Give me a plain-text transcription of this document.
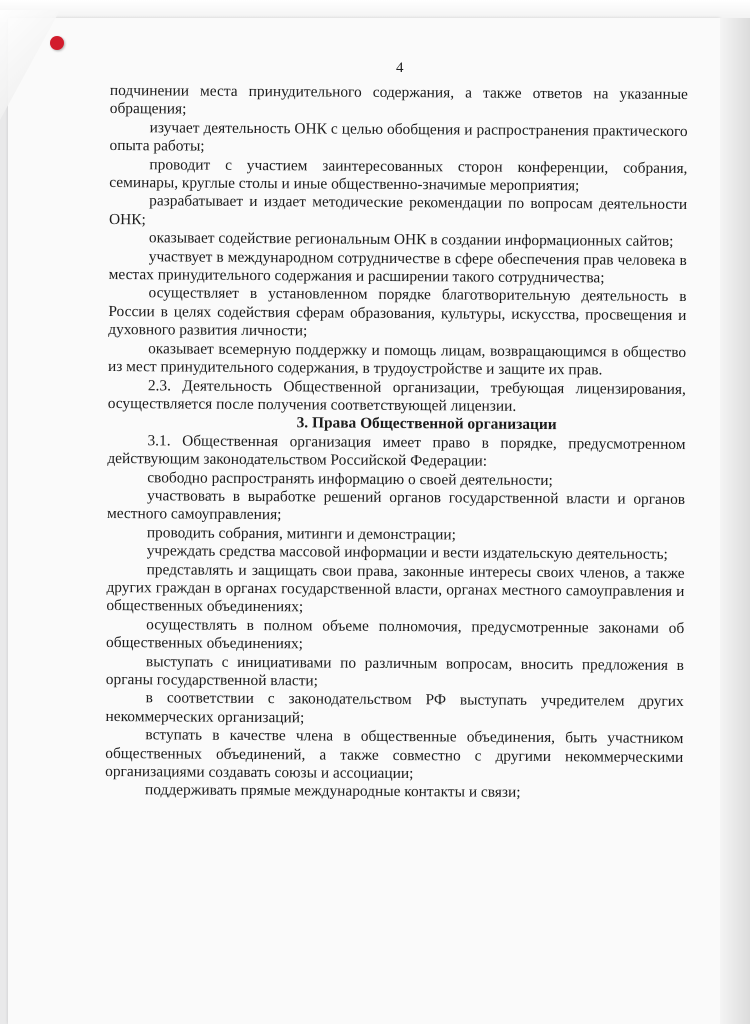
4

подчинении места принудительного содержания, а также ответов на указанные обращения;

изучает деятельность ОНК с целью обобщения и распространения практического опыта работы;

проводит с участием заинтересованных сторон конференции, собрания, семинары, круглые столы и иные общественно-значимые мероприятия;

разрабатывает и издает методические рекомендации по вопросам деятельности ОНК;

оказывает содействие региональным ОНК в создании информационных сайтов;

участвует в международном сотрудничестве в сфере обеспечения прав человека в местах принудительного содержания и расширении такого сотрудничества;

осуществляет в установленном порядке благотворительную деятельность в России в целях содействия сферам образования, культуры, искусства, просвещения и духовного развития личности;

оказывает всемерную поддержку и помощь лицам, возвращающимся в общество из мест принудительного содержания, в трудоустройстве и защите их прав.

2.3. Деятельность Общественной организации, требующая лицензирования, осуществляется после получения соответствующей лицензии.

3. Права Общественной организации

3.1. Общественная организация имеет право в порядке, предусмотренном действующим законодательством Российской Федерации:

свободно распространять информацию о своей деятельности;

участвовать в выработке решений органов государственной власти и органов местного самоуправления;

проводить собрания, митинги и демонстрации;

учреждать средства массовой информации и вести издательскую деятельность;

представлять и защищать свои права, законные интересы своих членов, а также других граждан в органах государственной власти, органах местного самоуправления и общественных объединениях;

осуществлять в полном объеме полномочия, предусмотренные законами об общественных объединениях;

выступать с инициативами по различным вопросам, вносить предложения в органы государственной власти;

в соответствии с законодательством РФ выступать учредителем других некоммерческих организаций;

вступать в качестве члена в общественные объединения, быть участником общественных объединений, а также совместно с другими некоммерческими организациями создавать союзы и ассоциации;

поддерживать прямые международные контакты и связи;
